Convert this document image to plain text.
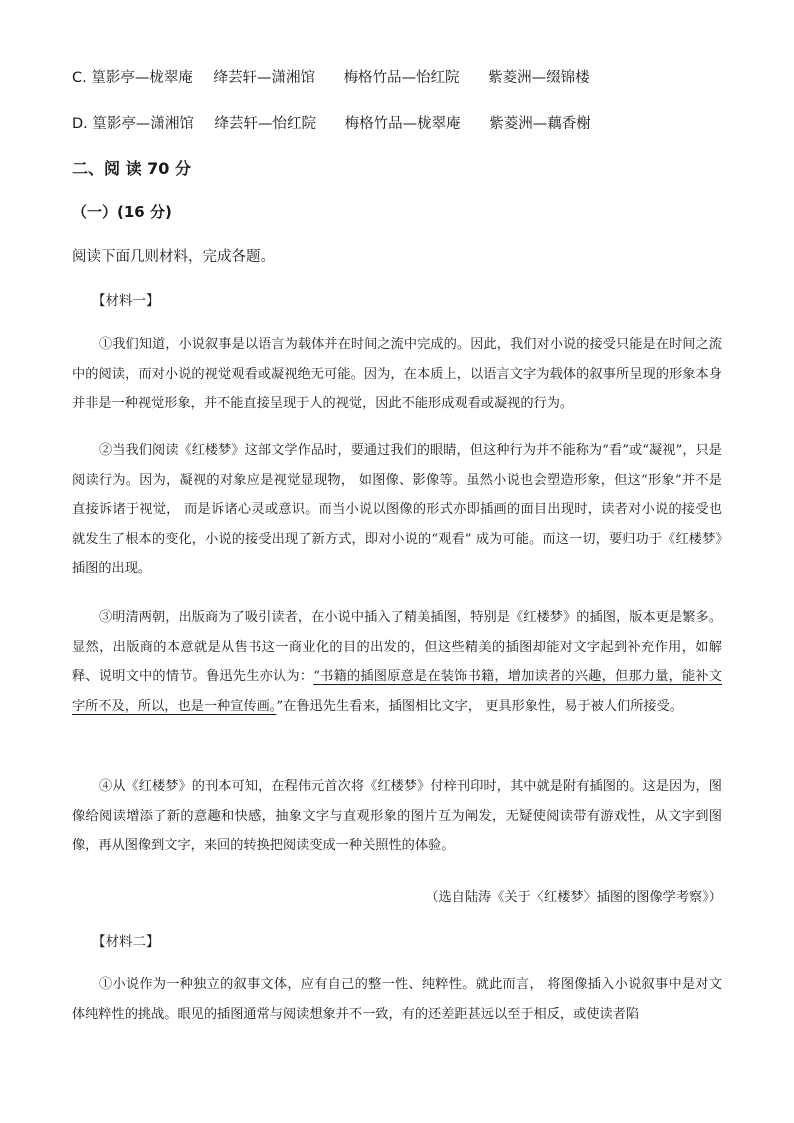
C. 篁影亭—栊翠庵 绛芸轩—潇湘馆 梅格竹品—怡红院 紫菱洲—缀锦楼
D. 篁影亭—潇湘馆 绛芸轩—怡红院 梅格竹品—栊翠庵 紫菱洲—藕香榭
二、阅 读 70 分
（一）(16 分)
阅读下面几则材料，完成各题。
【材料一】

①我们知道，小说叙事是以语言为载体并在时间之流中完成的。因此，我们对小说的接受只能是在时间之流中的阅读，而对小说的视觉观看或凝视绝无可能。因为，在本质上，以语言文字为载体的叙事所呈现的形象本身并非是一种视觉形象，并不能直接呈现于人的视觉，因此不能形成观看或凝视的行为。

②当我们阅读《红楼梦》这部文学作品时，要通过我们的眼睛，但这种行为并不能称为“看”或“凝视”，只是阅读行为。因为，凝视的对象应是视觉显现物， 如图像、影像等。虽然小说也会塑造形象，但这“形象”并不是直接诉诸于视觉， 而是诉诸心灵或意识。而当小说以图像的形式亦即插画的面目出现时，读者对小说的接受也就发生了根本的变化，小说的接受出现了新方式，即对小说的“观看” 成为可能。而这一切，要归功于《红楼梦》插图的出现。

③明清两朝，出版商为了吸引读者，在小说中插入了精美插图，特别是《红楼梦》的插图，版本更是繁多。显然，出版商的本意就是从售书这一商业化的目的出发的，但这些精美的插图却能对文字起到补充作用，如解释、说明文中的情节。鲁迅先生亦认为：“书籍的插图原意是在装饰书籍，增加读者的兴趣，但那力量，能补文字所不及，所以，也是一种宣传画。”在鲁迅先生看来，插图相比文字， 更具形象性，易于被人们所接受。

④从《红楼梦》的刊本可知，在程伟元首次将《红楼梦》付梓刊印时，其中就是附有插图的。这是因为，图像给阅读增添了新的意趣和快感，抽象文字与直观形象的图片互为阐发，无疑使阅读带有游戏性，从文字到图像，再从图像到文字，来回的转换把阅读变成一种关照性的体验。

（选自陆涛《关于〈红楼梦〉插图的图像学考察》）
【材料二】

①小说作为一种独立的叙事文体，应有自己的整一性、纯粹性。就此而言， 将图像插入小说叙事中是对文体纯粹性的挑战。眼见的插图通常与阅读想象并不一致，有的还差距甚远以至于相反，或使读者陷
